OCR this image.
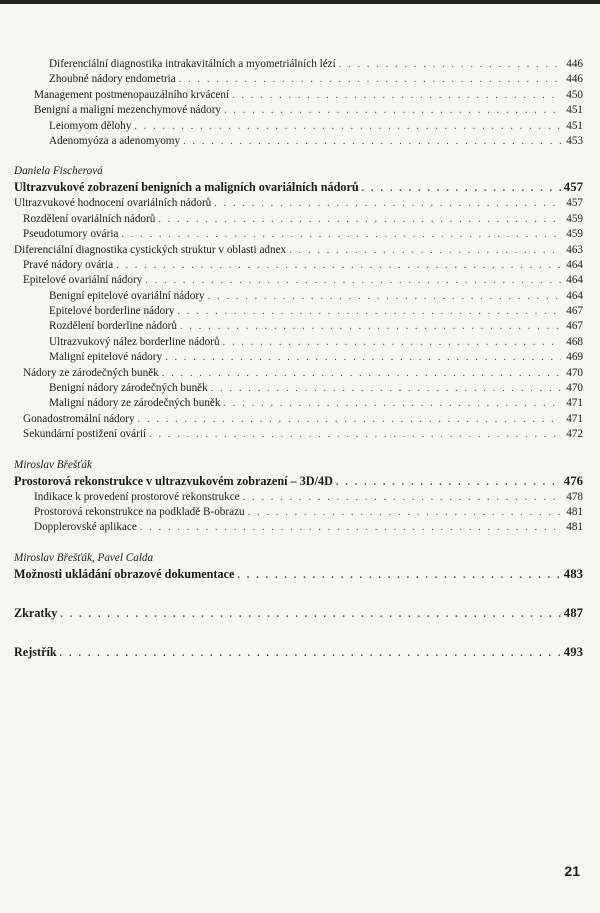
Diferenciální diagnostika intrakavitálních a myometriálních lézí . . .	446
Zhoubné nádory endometria . . .	446
Management postmenopauzálního krvácení . . .	450
Benigní a maligní mezenchymové nádory . . .	451
Leiomyom dělohy . . .	451
Adenomyóza a adenomyomy . . .	453
Daniela Fischerová
Ultrazvukové zobrazení benigních a maligních ovariálních nádorů . . .	457
Ultrazvukové hodnocení ovariálních nádorů . . .	457
Rozdělení ovariálních nádorů . . .	459
Pseudotumory ovária . . .	459
Diferenciální diagnostika cystických struktur v oblasti adnex . . .	463
Pravé nádory ovária . . .	464
Epitelové ovariální nádory . . .	464
Benigní epitelové ovariální nádory . . .	464
Epitelové borderline nádory . . .	467
Rozdělení borderline nádorů . . .	467
Ultrazvukový nález borderline nádorů . . .	468
Maligní epitelové nádory . . .	469
Nádory ze zárodečných buněk . . .	470
Benigní nádory zárodečných buněk . . .	470
Maligní nádory ze zárodečných buněk . . .	471
Gonadostromální nádory . . .	471
Sekundární postižení ovárií . . .	472
Miroslav Břešťák
Prostorová rekonstrukce v ultrazvukovém zobrazení – 3D/4D . . .	476
Indikace k provedení prostorové rekonstrukce . . .	478
Prostorová rekonstrukce na podkladě B-obrazu . . .	481
Dopplerovské aplikace . . .	481
Miroslav Břešťák, Pavel Calda
Možnosti ukládání obrazové dokumentace . . .	483
Zkratky . . .	487
Rejstřík . . .	493
21
